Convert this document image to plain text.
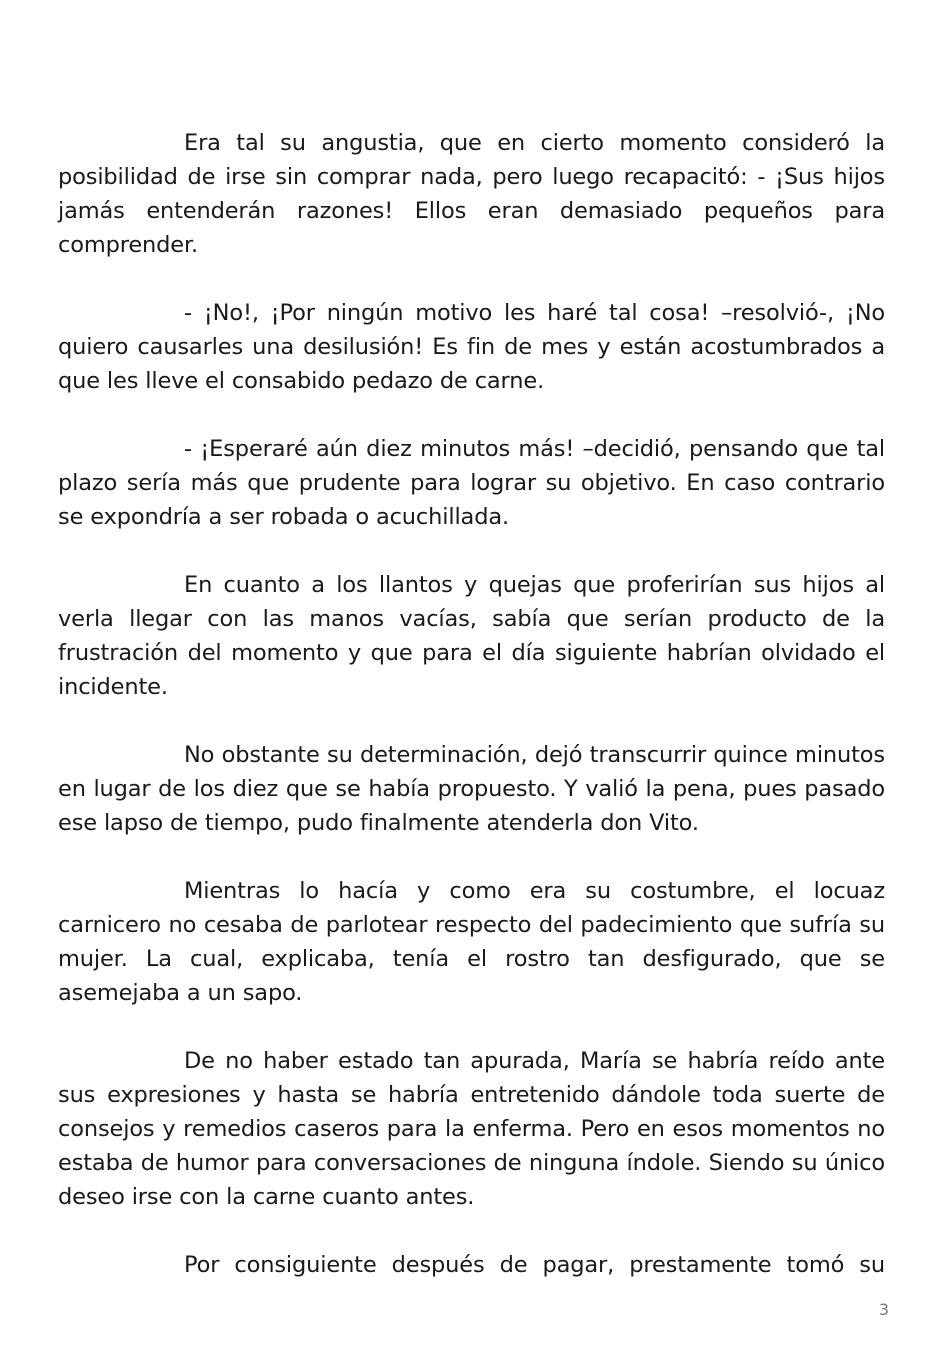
Era tal su angustia, que en cierto momento consideró la posibilidad de irse sin comprar nada, pero luego recapacitó: - ¡Sus hijos jamás entenderán razones! Ellos eran demasiado pequeños para comprender.

- ¡No!, ¡Por ningún motivo les haré tal cosa! –resolvió-, ¡No quiero causarles una desilusión! Es fin de mes y están acostumbrados a que les lleve el consabido pedazo de carne.

- ¡Esperaré aún diez minutos más! –decidió, pensando que tal plazo sería más que prudente para lograr su objetivo. En caso contrario se expondría a ser robada o acuchillada.

En cuanto a los llantos y quejas que proferirían sus hijos al verla llegar con las manos vacías, sabía que serían producto de la frustración del momento y que para el día siguiente habrían olvidado el incidente.

No obstante su determinación, dejó transcurrir quince minutos en lugar de los diez que se había propuesto. Y valió la pena, pues pasado ese lapso de tiempo, pudo finalmente atenderla don Vito.

Mientras lo hacía y como era su costumbre, el locuaz carnicero no cesaba de parlotear respecto del padecimiento que sufría su mujer. La cual, explicaba, tenía el rostro tan desfigurado, que se asemejaba a un sapo.

De no haber estado tan apurada, María se habría reído ante sus expresiones y hasta se habría entretenido dándole toda suerte de consejos y remedios caseros para la enferma. Pero en esos momentos no estaba de humor para conversaciones de ninguna índole. Siendo su único deseo irse con la carne cuanto antes.

Por consiguiente después de pagar, prestamente tomó su

3
